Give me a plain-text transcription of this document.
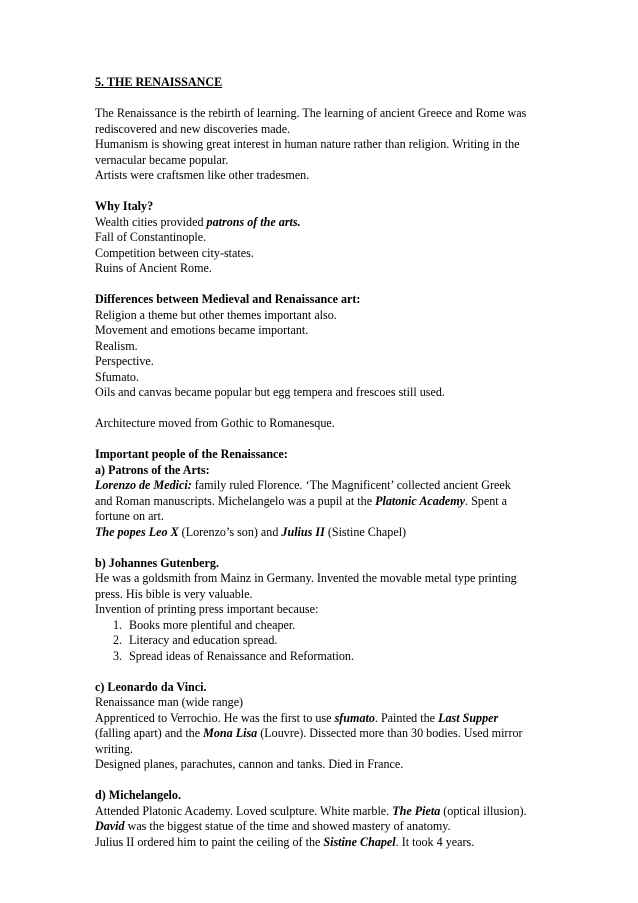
5. THE RENAISSANCE

The Renaissance is the rebirth of learning. The learning of ancient Greece and Rome was

rediscovered and new discoveries made.

Humanism is showing great interest in human nature rather than religion. Writing in the

vernacular became popular.

Artists were craftsmen like other tradesmen.

Why Italy?

Wealth cities provided patrons of the arts.

Fall of Constantinople.

Competition between city-states.

Ruins of Ancient Rome.

Differences between Medieval and Renaissance art:

Religion a theme but other themes important also.

Movement and emotions became important.

Realism.

Perspective.

Sfumato.

Oils and canvas became popular but egg tempera and frescoes still used.

Architecture moved from Gothic to Romanesque.

Important people of the Renaissance:

a) Patrons of the Arts:

Lorenzo de Medici: family ruled Florence. ‘The Magnificent’ collected ancient Greek

and Roman manuscripts. Michelangelo was a pupil at the Platonic Academy. Spent a

fortune on art.

The popes Leo X (Lorenzo’s son) and Julius II (Sistine Chapel)

b) Johannes Gutenberg.

He was a goldsmith from Mainz in Germany. Invented the movable metal type printing

press. His bible is very valuable.

Invention of printing press important because:

1. Books more plentiful and cheaper.
2. Literacy and education spread.
3. Spread ideas of Renaissance and Reformation.

c) Leonardo da Vinci.

Renaissance man (wide range)

Apprenticed to Verrochio. He was the first to use sfumato. Painted the Last Supper

(falling apart) and the Mona Lisa (Louvre). Dissected more than 30 bodies. Used mirror

writing.

Designed planes, parachutes, cannon and tanks. Died in France.

d) Michelangelo.

Attended Platonic Academy. Loved sculpture. White marble. The Pieta (optical illusion).

David was the biggest statue of the time and showed mastery of anatomy.

Julius II ordered him to paint the ceiling of the Sistine Chapel. It took 4 years.
